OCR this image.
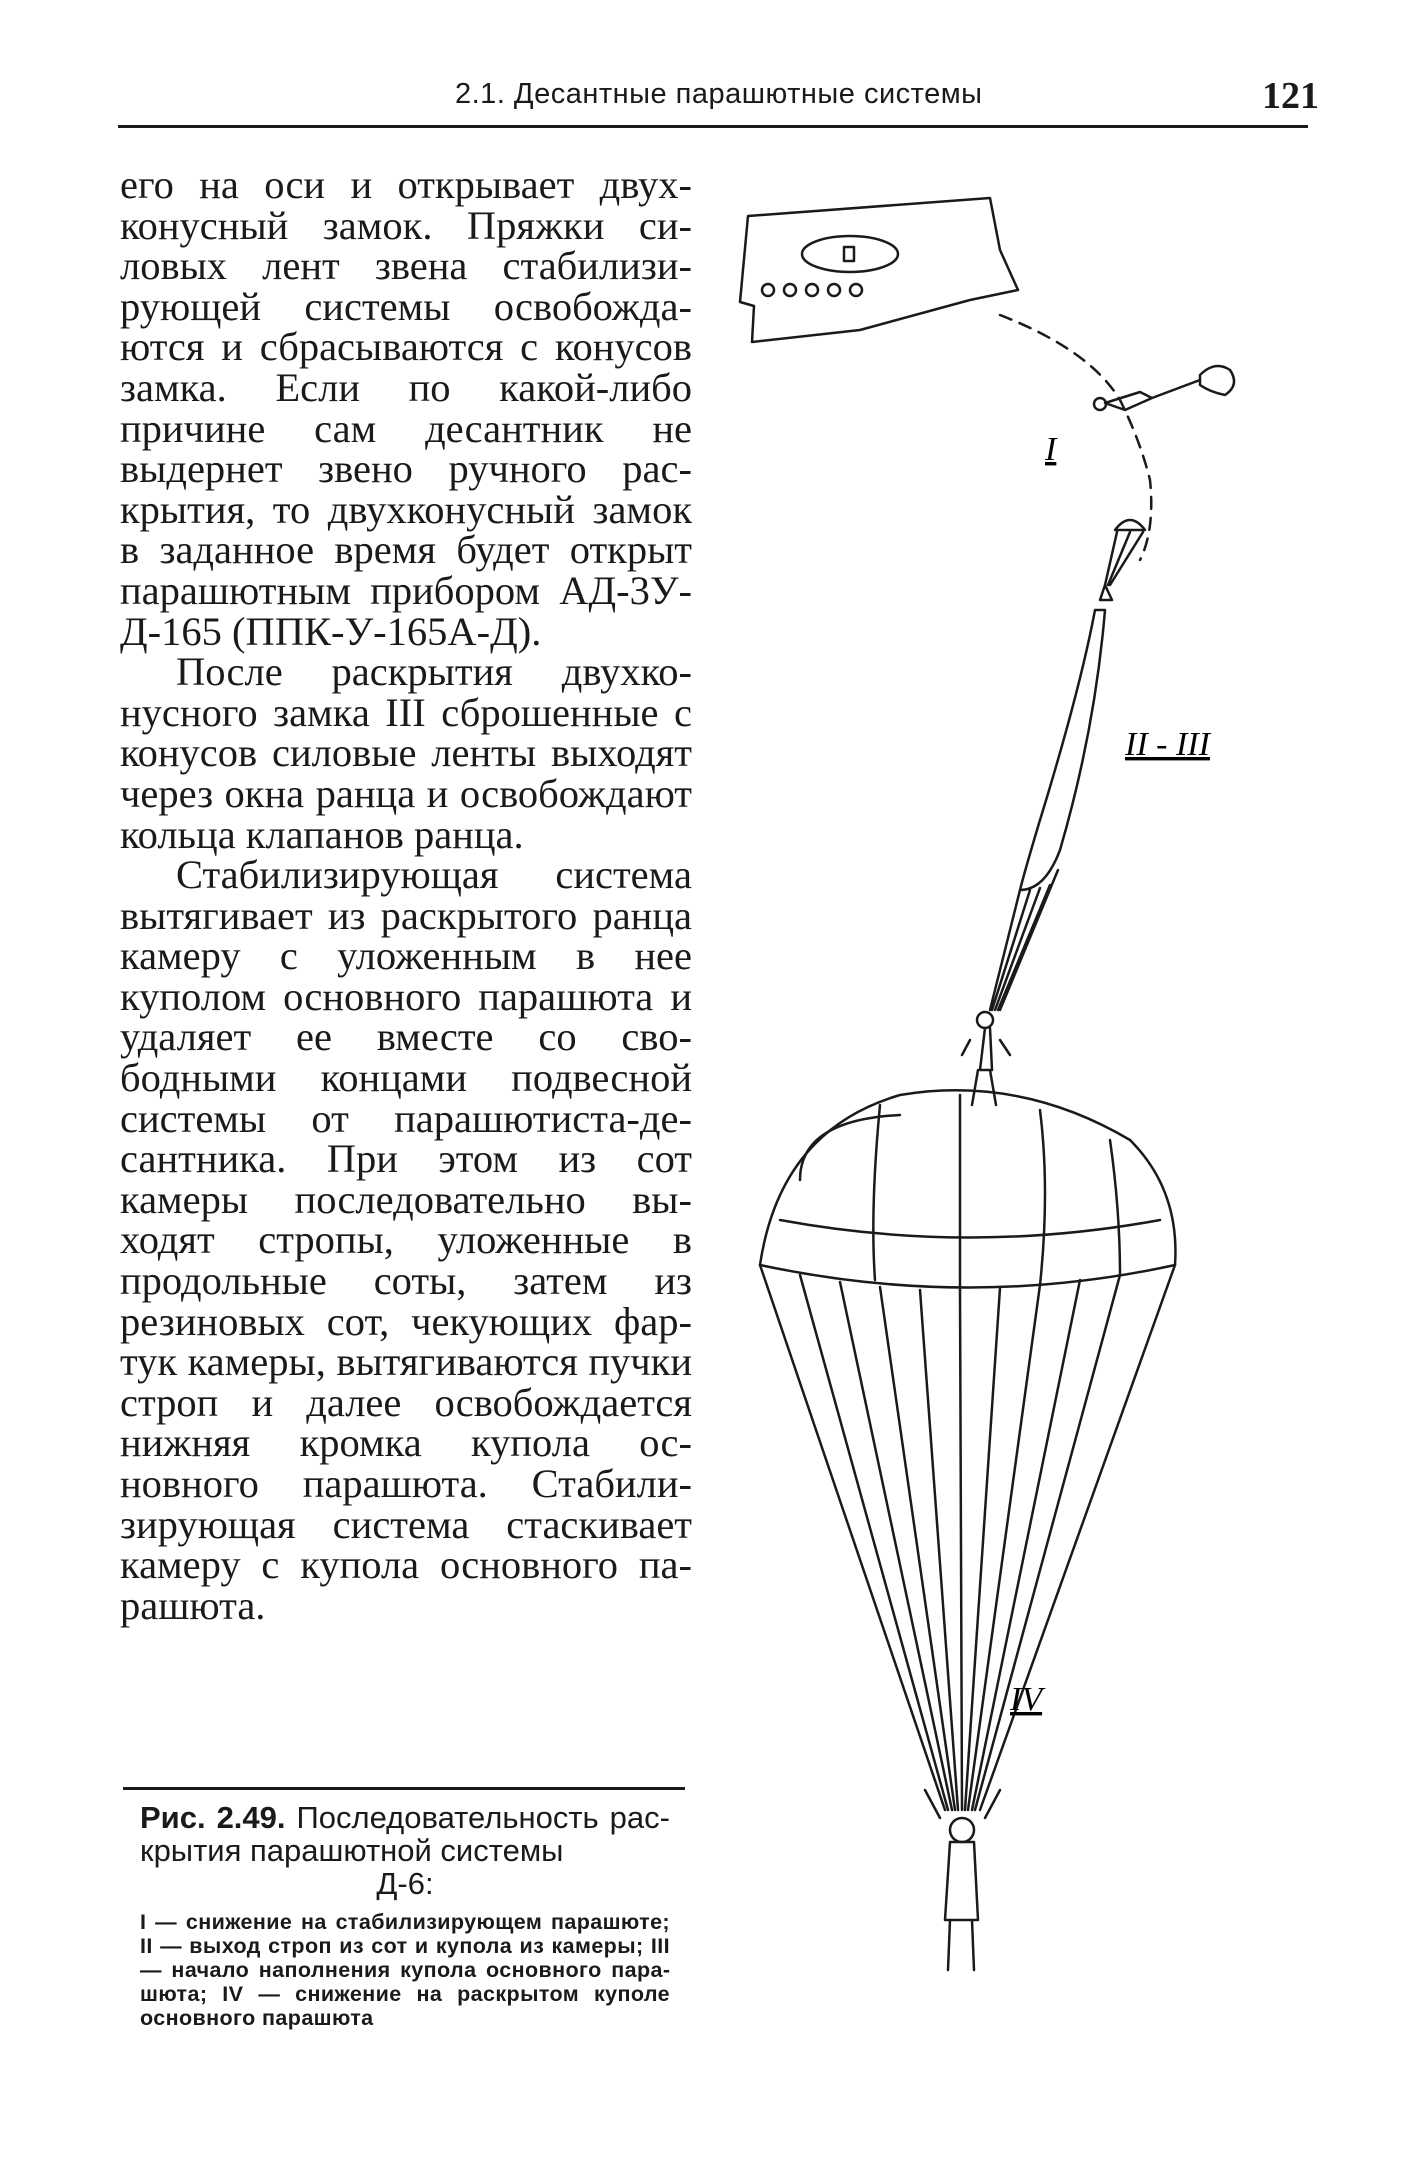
2.1. Десантные парашютные системы	121

его на оси и открывает двухконусный замок. Пряжки силовых лент звена стабилизирующей системы освобождаются и сбрасываются с конусов замка. Если по какой-либо причине сам десантник не выдернет звено ручного раскрытия, то двухконусный замок в заданное время будет открыт парашютным прибором АД-3У-Д-165 (ППК-У-165А-Д).

После раскрытия двухконусного замка III сброшенные с конусов силовые ленты выходят через окна ранца и освобождают кольца клапанов ранца.

Стабилизирующая система вытягивает из раскрытого ранца камеру с уложенным в нее куполом основного парашюта и удаляет ее вместе со свободными концами подвесной системы от парашютиста-десантника. При этом из сот камеры последовательно выходят стропы, уложенные в продольные соты, затем из резиновых сот, чекующих фартук камеры, вытягиваются пучки строп и далее освобождается нижняя кромка купола основного парашюта. Стабилизирующая система стаскивает камеру с купола основного парашюта.

Рис. 2.49. Последовательность раскрытия парашютной системы
Д-6:
I — снижение на стабилизирующем парашюте; II — выход строп из сот и купола из камеры; III — начало наполнения купола основного парашюта; IV — снижение на раскрытом куполе основного парашюта
I
II - III
IV
